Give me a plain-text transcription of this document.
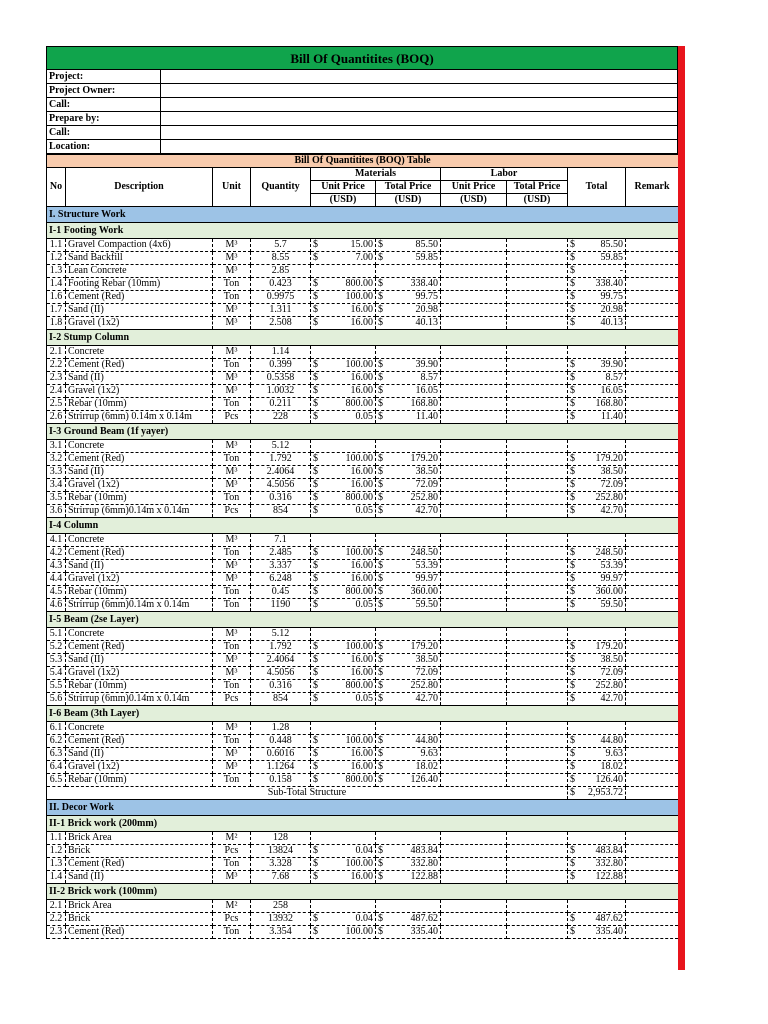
Bill Of Quantitites (BOQ)
Project:	
Project Owner:	
Call:	
Prepare by:	
Call:	
Location:	
Bill Of Quantitites (BOQ) Table									
No	Description	Unit	Quantity	Materials		Labor		Total	Remark
				Unit Price	Total Price	Unit Price	Total Price		
				(USD)	(USD)	(USD)	(USD)		
I. Structure Work									
I-1 Footing Work									
1.1	Gravel Compaction (4x6)	M³	5.7	$ 15.00	$ 85.50			$ 85.50	

1.2	Sand Backfill	M³	8.55	$ 7.00	$ 59.85			$ 59.85	

1.3	Lean Concrete	M³	2.85					$ -	

1.4	Footing Rebar (10mm)	Ton	0.423	$ 800.00	$ 338.40			$ 338.40	

1.6	Cement (Red)	Ton	0.9975	$ 100.00	$ 99.75			$ 99.75	

1.7	Sand (II)	M³	1.311	$ 16.00	$ 20.98			$ 20.98	

1.8	Gravel (1x2)	M³	2.508	$ 16.00	$ 40.13			$ 40.13	

I-2 Stump Column									
2.1	Concrete	M³	1.14						
2.2	Cement (Red)	Ton	0.399	$ 100.00	$ 39.90			$ 39.90	

2.3	Sand (II)	M³	0.5358	$ 16.00	$ 8.57			$ 8.57	

2.4	Gravel (1x2)	M³	1.0032	$ 16.00	$ 16.05			$ 16.05	

2.5	Rebar (10mm)	Ton	0.211	$ 800.00	$ 168.80			$ 168.80	

2.6	Strirrup (6mm) 0.14m x 0.14m	Pcs	228	$ 0.05	$ 11.40			$ 11.40	

I-3 Ground Beam (1f yayer)									
3.1	Concrete	M³	5.12						
3.2	Cement (Red)	Ton	1.792	$ 100.00	$ 179.20			$ 179.20	

3.3	Sand (II)	M³	2.4064	$ 16.00	$ 38.50			$ 38.50	

3.4	Gravel (1x2)	M³	4.5056	$ 16.00	$ 72.09			$ 72.09	

3.5	Rebar (10mm)	Ton	0.316	$ 800.00	$ 252.80			$ 252.80	

3.6	Strirrup (6mm)0.14m x 0.14m	Pcs	854	$ 0.05	$ 42.70			$ 42.70	

I-4 Column									
4.1	Concrete	M³	7.1						
4.2	Cement (Red)	Ton	2.485	$ 100.00	$ 248.50			$ 248.50	

4.3	Sand (II)	M³	3.337	$ 16.00	$ 53.39			$ 53.39	

4.4	Gravel (1x2)	M³	6.248	$ 16.00	$ 99.97			$ 99.97	

4.5	Rebar (10mm)	Ton	0.45	$ 800.00	$ 360.00			$ 360.00	

4.6	Strirrup (6mm)0.14m x 0.14m	Ton	1190	$ 0.05	$ 59.50			$ 59.50	

I-5 Beam (2se Layer)									
5.1	Concrete	M³	5.12						
5.2	Cement (Red)	Ton	1.792	$ 100.00	$ 179.20			$ 179.20	

5.3	Sand (II)	M³	2.4064	$ 16.00	$ 38.50			$ 38.50	

5.4	Gravel (1x2)	M³	4.5056	$ 16.00	$ 72.09			$ 72.09	

5.5	Rebar (10mm)	Ton	0.316	$ 800.00	$ 252.80			$ 252.80	

5.6	Strirrup (6mm)0.14m x 0.14m	Pcs	854	$ 0.05	$ 42.70			$ 42.70	

I-6 Beam (3th Layer)									
6.1	Concrete	M³	1.28						
6.2	Cement (Red)	Ton	0.448	$ 100.00	$ 44.80			$ 44.80	

6.3	Sand (II)	M³	0.6016	$ 16.00	$ 9.63			$ 9.63	

6.4	Gravel (1x2)	M³	1.1264	$ 16.00	$ 18.02			$ 18.02	

6.5	Rebar (10mm)	Ton	0.158	$ 800.00	$ 126.40			$ 126.40	

Sub-Total Structure								$ 2,953.72	

II. Decor Work									
II-1 Brick work (200mm)									
1.1	Brick Area	M²	128						
1.2	Brick	Pcs	13824	$ 0.04	$ 483.84			$ 483.84	

1.3	Cement (Red)	Ton	3.328	$ 100.00	$ 332.80			$ 332.80	

1.4	Sand (II)	M³	7.68	$ 16.00	$ 122.88			$ 122.88	

II-2 Brick work (100mm)									
2.1	Brick Area	M²	258						
2.2	Brick	Pcs	13932	$ 0.04	$ 487.62			$ 487.62	

2.3	Cement (Red)	Ton	3.354	$ 100.00	$ 335.40			$ 335.40	
